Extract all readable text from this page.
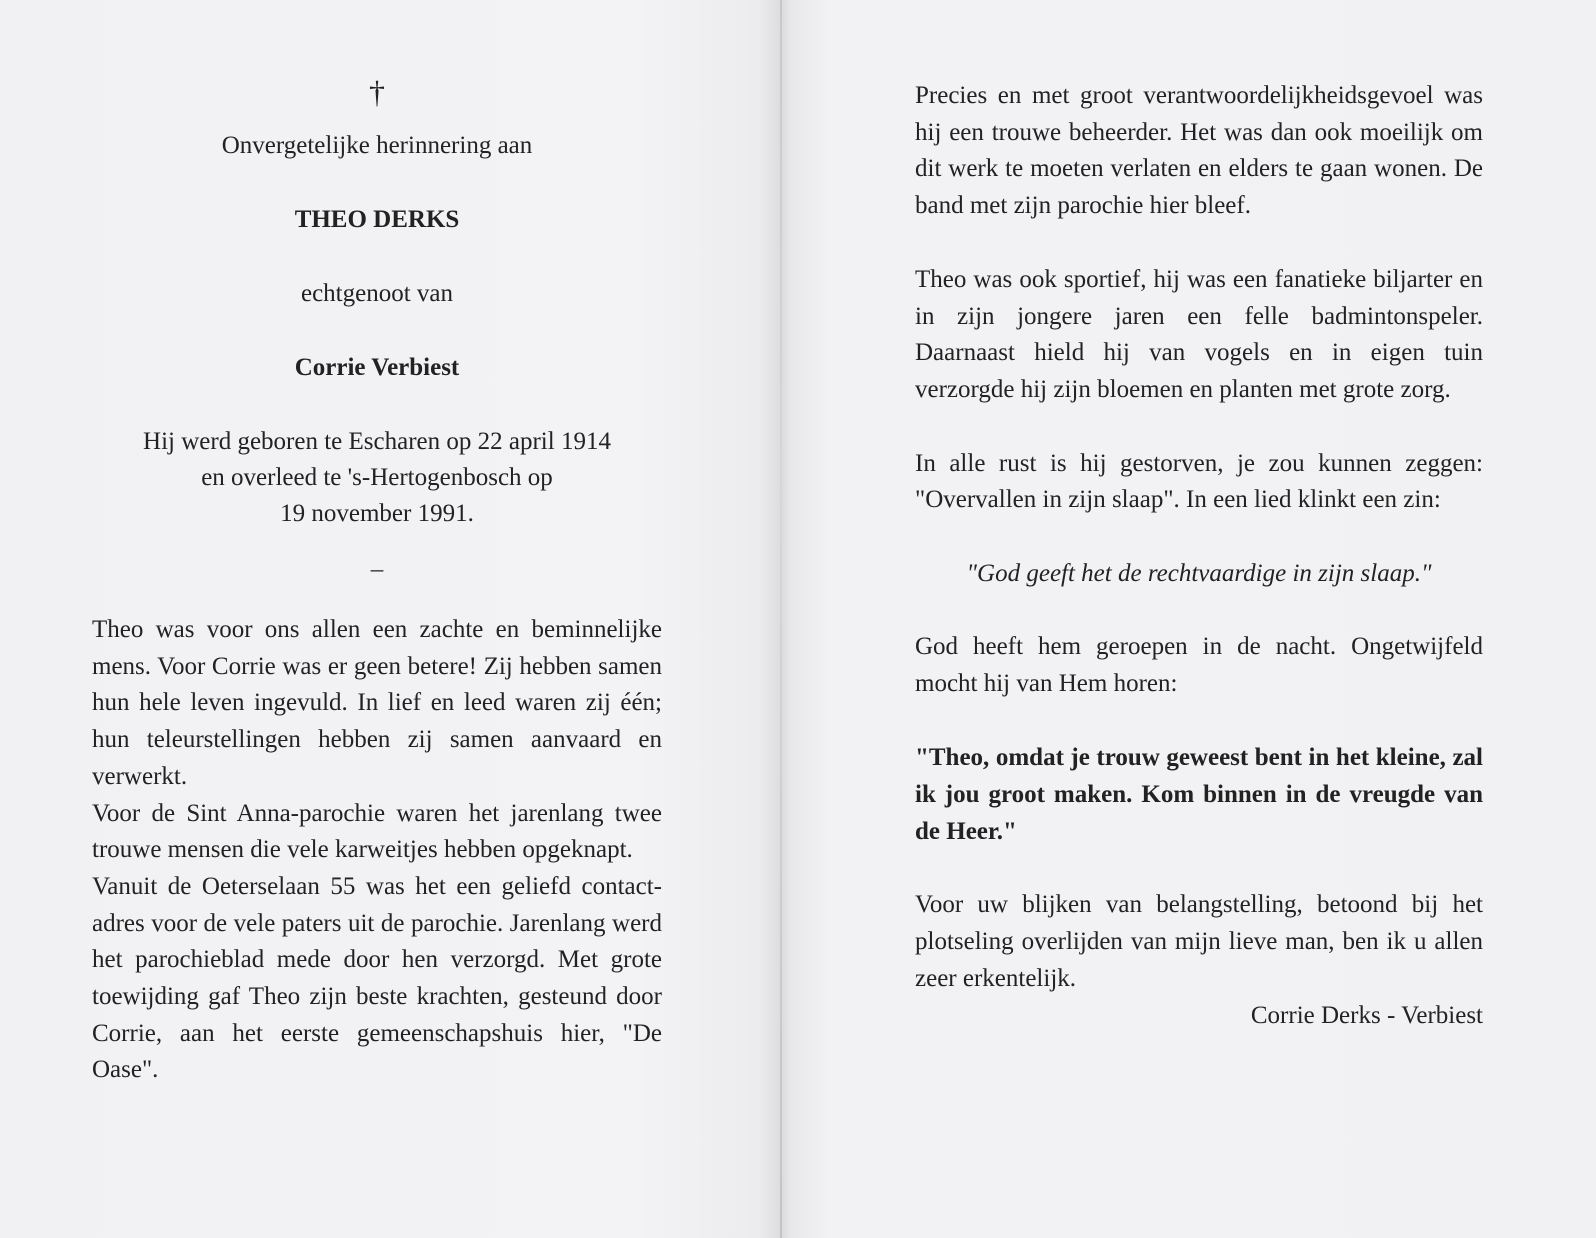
†
Onvergetelijke herinnering aan
THEO DERKS
echtgenoot van
Corrie Verbiest
Hij werd geboren te Escharen op 22 april 1914
en overleed te 's-Hertogenbosch op
19 november 1991.
–

Theo was voor ons allen een zachte en beminnelijke mens. Voor Corrie was er geen betere! Zij hebben samen hun hele leven ingevuld. In lief en leed waren zij één; hun teleurstellingen hebben zij samen aanvaard en verwerkt.

Voor de Sint Anna-parochie waren het jarenlang twee trouwe mensen die vele karweitjes hebben opgeknapt.

Vanuit de Oeterselaan 55 was het een geliefd contact-adres voor de vele paters uit de parochie. Jarenlang werd het parochieblad mede door hen verzorgd. Met grote toewijding gaf Theo zijn beste krachten, gesteund door Corrie, aan het eerste gemeenschapshuis hier, "De Oase".

Precies en met groot verantwoordelijkheidsgevoel was hij een trouwe beheerder. Het was dan ook moeilijk om dit werk te moeten verlaten en elders te gaan wonen. De band met zijn parochie hier bleef.

Theo was ook sportief, hij was een fanatieke biljarter en in zijn jongere jaren een felle badmintonspeler. Daarnaast hield hij van vogels en in eigen tuin verzorgde hij zijn bloemen en planten met grote zorg.

In alle rust is hij gestorven, je zou kunnen zeggen: "Overvallen in zijn slaap". In een lied klinkt een zin:

"God geeft het de rechtvaardige in zijn slaap."

God heeft hem geroepen in de nacht. Ongetwijfeld mocht hij van Hem horen:

"Theo, omdat je trouw geweest bent in het kleine, zal ik jou groot maken. Kom binnen in de vreugde van de Heer."

Voor uw blijken van belangstelling, betoond bij het plotseling overlijden van mijn lieve man, ben ik u allen zeer erkentelijk.

Corrie Derks - Verbiest
